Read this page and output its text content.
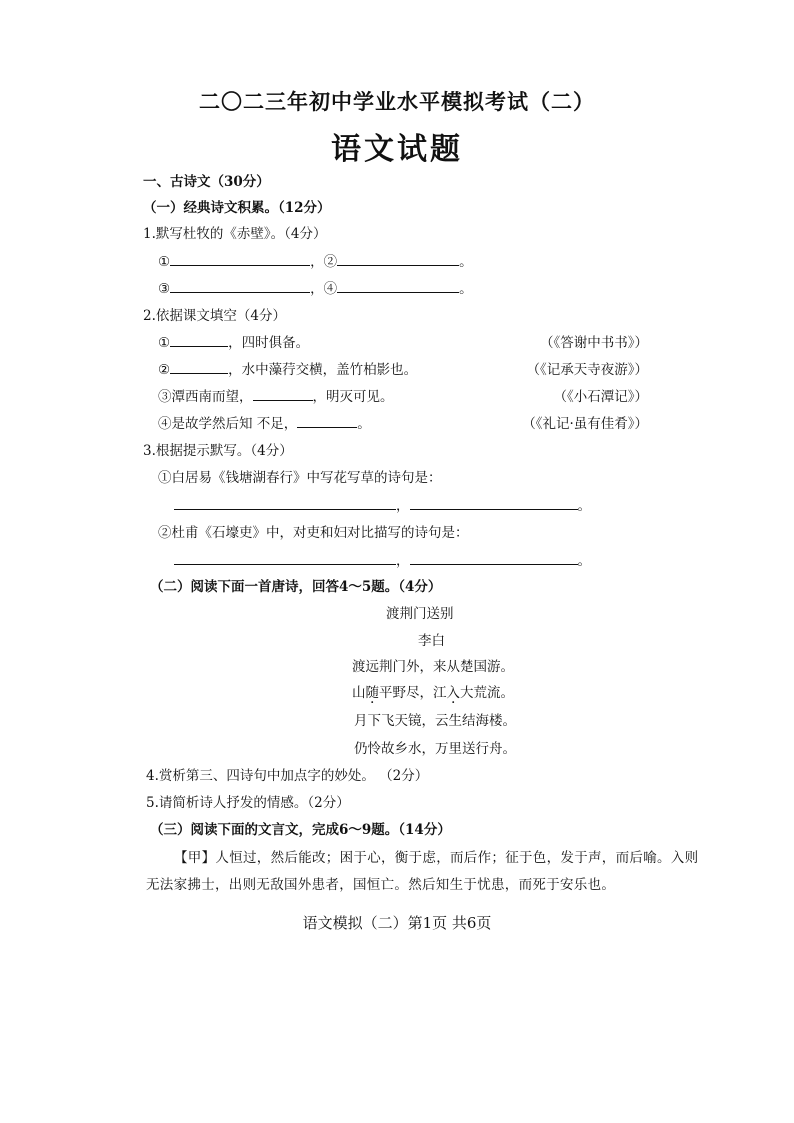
二〇二三年初中学业水平模拟考试（二）
语文试题
一、古诗文（30分）
（一）经典诗文积累。（12分）
1.默写杜牧的《赤壁》。（4分）
①	，②	。
③	，④	。
2.依据课文填空（4分）
①	，四时俱备。	（《答谢中书书》）
②	，水中藻荇交横，盖竹柏影也。	（《记承天寺夜游》）
③潭西南而望，	，明灭可见。	（《小石潭记》）
④是故学然后知 不足，	。	（《礼记·虽有佳肴》）
3.根据提示默写。（4分）
①白居易《钱塘湖春行》中写花写草的诗句是：
，	。
②杜甫《石壕吏》中，对吏和妇对比描写的诗句是：
，	。
（二）阅读下面一首唐诗，回答4～5题。（4分）
渡荆门送别
李白
渡远荆门外，来从楚国游。
山随平野尽，江入大荒流。
月下飞天镜，云生结海楼。
仍怜故乡水，万里送行舟。
4.赏析第三、四诗句中加点字的妙处。 （2分）
5.请简析诗人抒发的情感。（2分）
（三）阅读下面的文言文，完成6～9题。（14分）
【甲】人恒过，然后能改；困于心，衡于虑，而后作；征于色，发于声，而后喻。入则
无法家拂士，出则无敌国外患者，国恒亡。然后知生于忧患，而死于安乐也。
语文模拟（二）第1页 共6页
